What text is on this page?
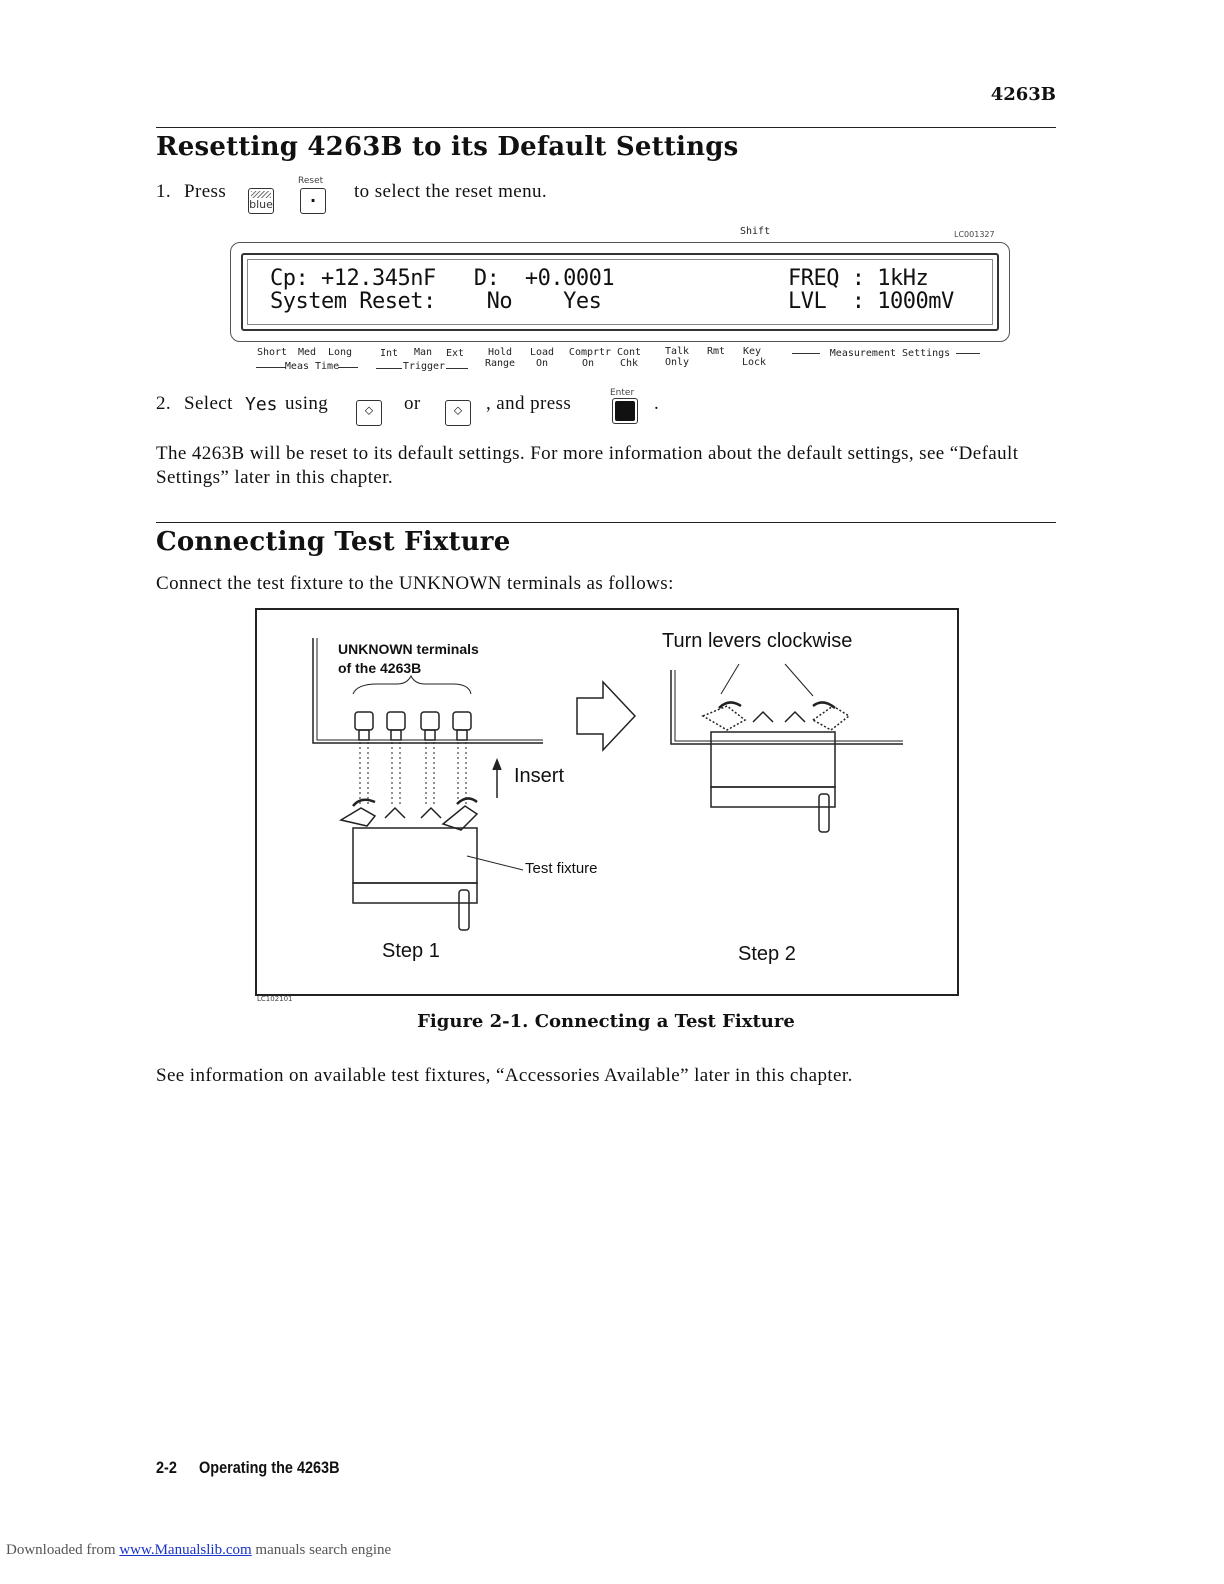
4263B
Resetting 4263B to its Default Settings
1. Press
blue
Reset
·	to select the reset menu.
Shift	LC001327
Cp: +12.345nF   D:  +0.0001	FREQ : 1kHz
System Reset:    No    Yes	LVL  : 1000mV
Short	Med	Long
Meas Time
Int	Man	Ext
Trigger
Hold
Range
Load
On
Comprtr
On
Cont
Chk
Talk
Only
Rmt	Key
Lock
Measurement Settings
2. Select Yes using	⬦	or	⬦	, and press	Enter .
The 4263B will be reset to its default settings. For more information about the default settings, see “Default Settings” later in this chapter.
Connecting Test Fixture
Connect the test fixture to the UNKNOWN terminals as follows:
UNKNOWN terminals
of the 4263B
Turn levers clockwise
Insert
Test fixture
Step 1	Step 2
LC102101
Figure 2-1. Connecting a Test Fixture
See information on available test fixtures, “Accessories Available” later in this chapter.
2-2 Operating the 4263B
Downloaded from www.Manualslib.com manuals search engine
